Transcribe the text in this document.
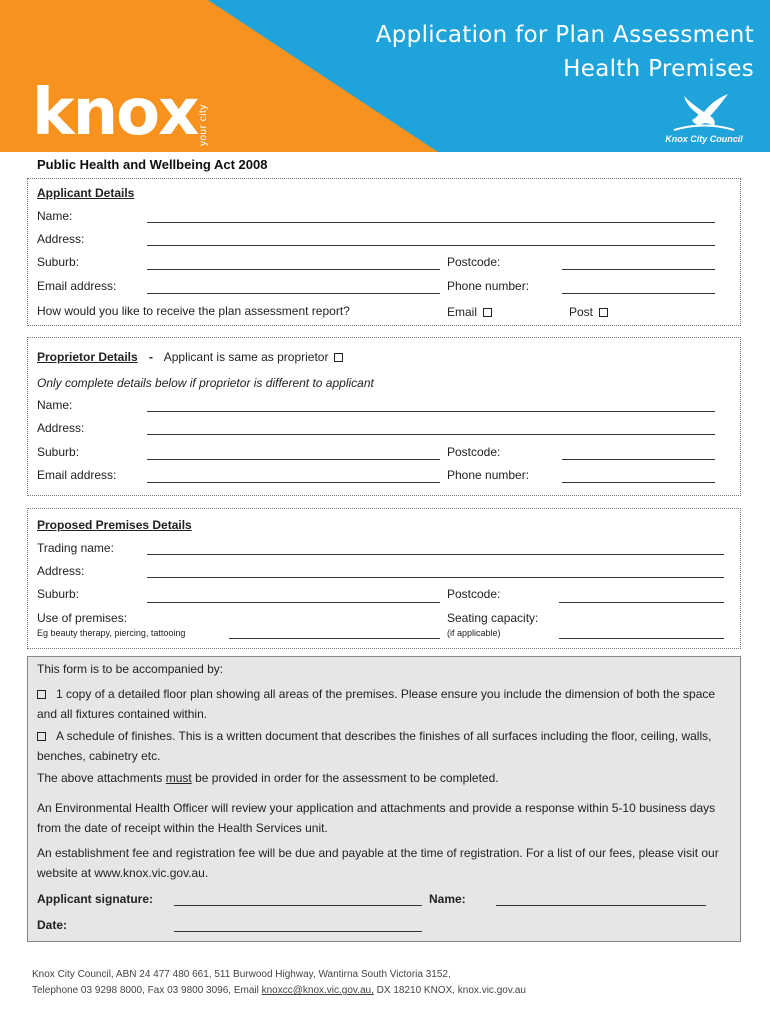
Application for Plan Assessment
Health Premises
knox your city	Knox City Council
Public Health and Wellbeing Act 2008
Applicant Details
Name:
Address:
Suburb:	Postcode:
Email address:	Phone number:
How would you like to receive the plan assessment report?	Email	Post
Proprietor Details - Applicant is same as proprietor
Only complete details below if proprietor is different to applicant
Name:
Address:
Suburb:	Postcode:
Email address:	Phone number:
Proposed Premises Details
Trading name:
Address:
Suburb:	Postcode:
Use of premises:
Eg beauty therapy, piercing, tattooing
Seating capacity:
(if applicable)
This form is to be accompanied by:
1 copy of a detailed floor plan showing all areas of the premises. Please ensure you include the dimension of both the space and all fixtures contained within.
A schedule of finishes. This is a written document that describes the finishes of all surfaces including the floor, ceiling, walls, benches, cabinetry etc.
The above attachments must be provided in order for the assessment to be completed.
An Environmental Health Officer will review your application and attachments and provide a response within 5-10 business days from the date of receipt within the Health Services unit.
An establishment fee and registration fee will be due and payable at the time of registration. For a list of our fees, please visit our website at www.knox.vic.gov.au.
Applicant signature:	Name:
Date:
Knox City Council, ABN 24 477 480 661, 511 Burwood Highway, Wantirna South Victoria 3152,
Telephone 03 9298 8000, Fax 03 9800 3096, Email knoxcc@knox.vic.gov.au, DX 18210 KNOX, knox.vic.gov.au
